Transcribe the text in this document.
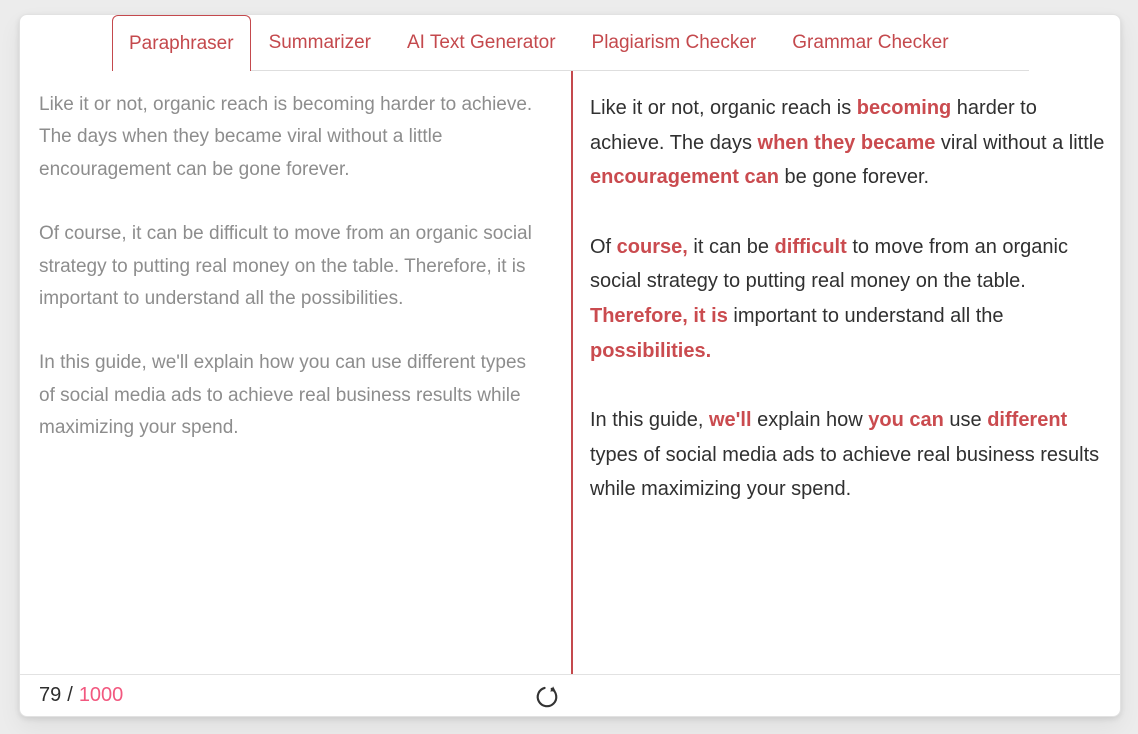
Paraphraser	Summarizer	AI Text Generator	Plagiarism Checker	Grammar Checker

Like it or not, organic reach is becoming harder to achieve. The days when they became viral without a little encouragement can be gone forever.

Of course, it can be difficult to move from an organic social strategy to putting real money on the table. Therefore, it is important to understand all the possibilities.

In this guide, we'll explain how you can use different types of social media ads to achieve real business results while maximizing your spend.

Like it or not, organic reach is becoming harder to achieve. The days when they became viral without a little encouragement can be gone forever.

Of course, it can be difficult to move from an organic social strategy to putting real money on the table. Therefore, it is important to understand all the possibilities.

In this guide, we'll explain how you can use different types of social media ads to achieve real business results while maximizing your spend.

79 / 1000
